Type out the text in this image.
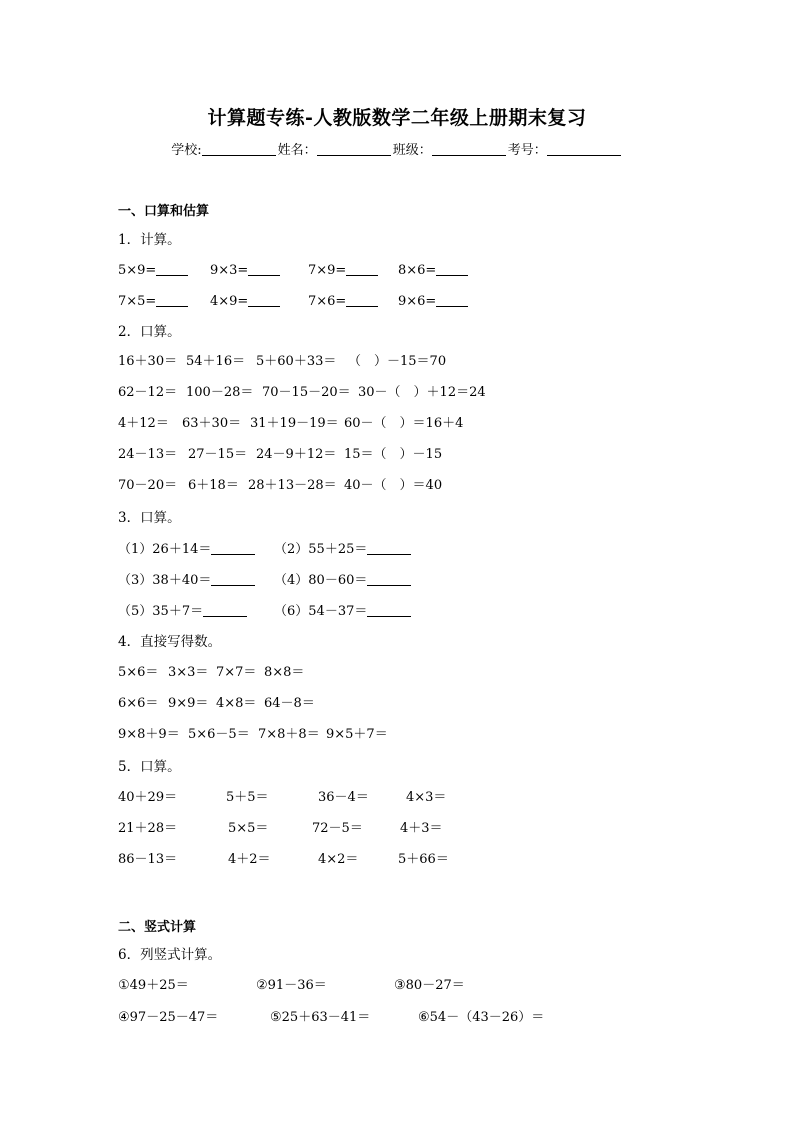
计算题专练-人教版数学二年级上册期末复习
学校:	姓名：	班级：	考号：
一、口算和估算
1．计算。
5×9=	9×3=	7×9=	8×6=
7×5=	4×9=	7×6=	9×6=
2．口算。
16＋30＝ 54＋16＝ 5＋60＋33＝ （　）－15＝70
62－12＝ 100－28＝ 70－15－20＝ 30－（　）＋12＝24
4＋12＝ 63＋30＝ 31＋19－19＝ 60－（　）＝16＋4
24－13＝ 27－15＝ 24－9＋12＝ 15＝（　）－15
70－20＝ 6＋18＝ 28＋13－28＝ 40－（　）＝40
3．口算。
（1）26＋14＝	（2）55＋25＝
（3）38＋40＝	（4）80－60＝
（5）35＋7＝	（6）54－37＝
4．直接写得数。
5×6＝ 3×3＝ 7×7＝ 8×8＝
6×6＝ 9×9＝ 4×8＝ 64－8＝
9×8＋9＝ 5×6－5＝ 7×8＋8＝ 9×5＋7＝
5．口算。
40＋29＝	5＋5＝	36－4＝	4×3＝
21＋28＝	5×5＝	72－5＝	4＋3＝
86－13＝	4＋2＝	4×2＝	5＋66＝
二、竖式计算
6．列竖式计算。
①49＋25＝	②91－36＝	③80－27＝
④97－25－47＝	⑤25＋63－41＝	⑥54－（43－26）＝
